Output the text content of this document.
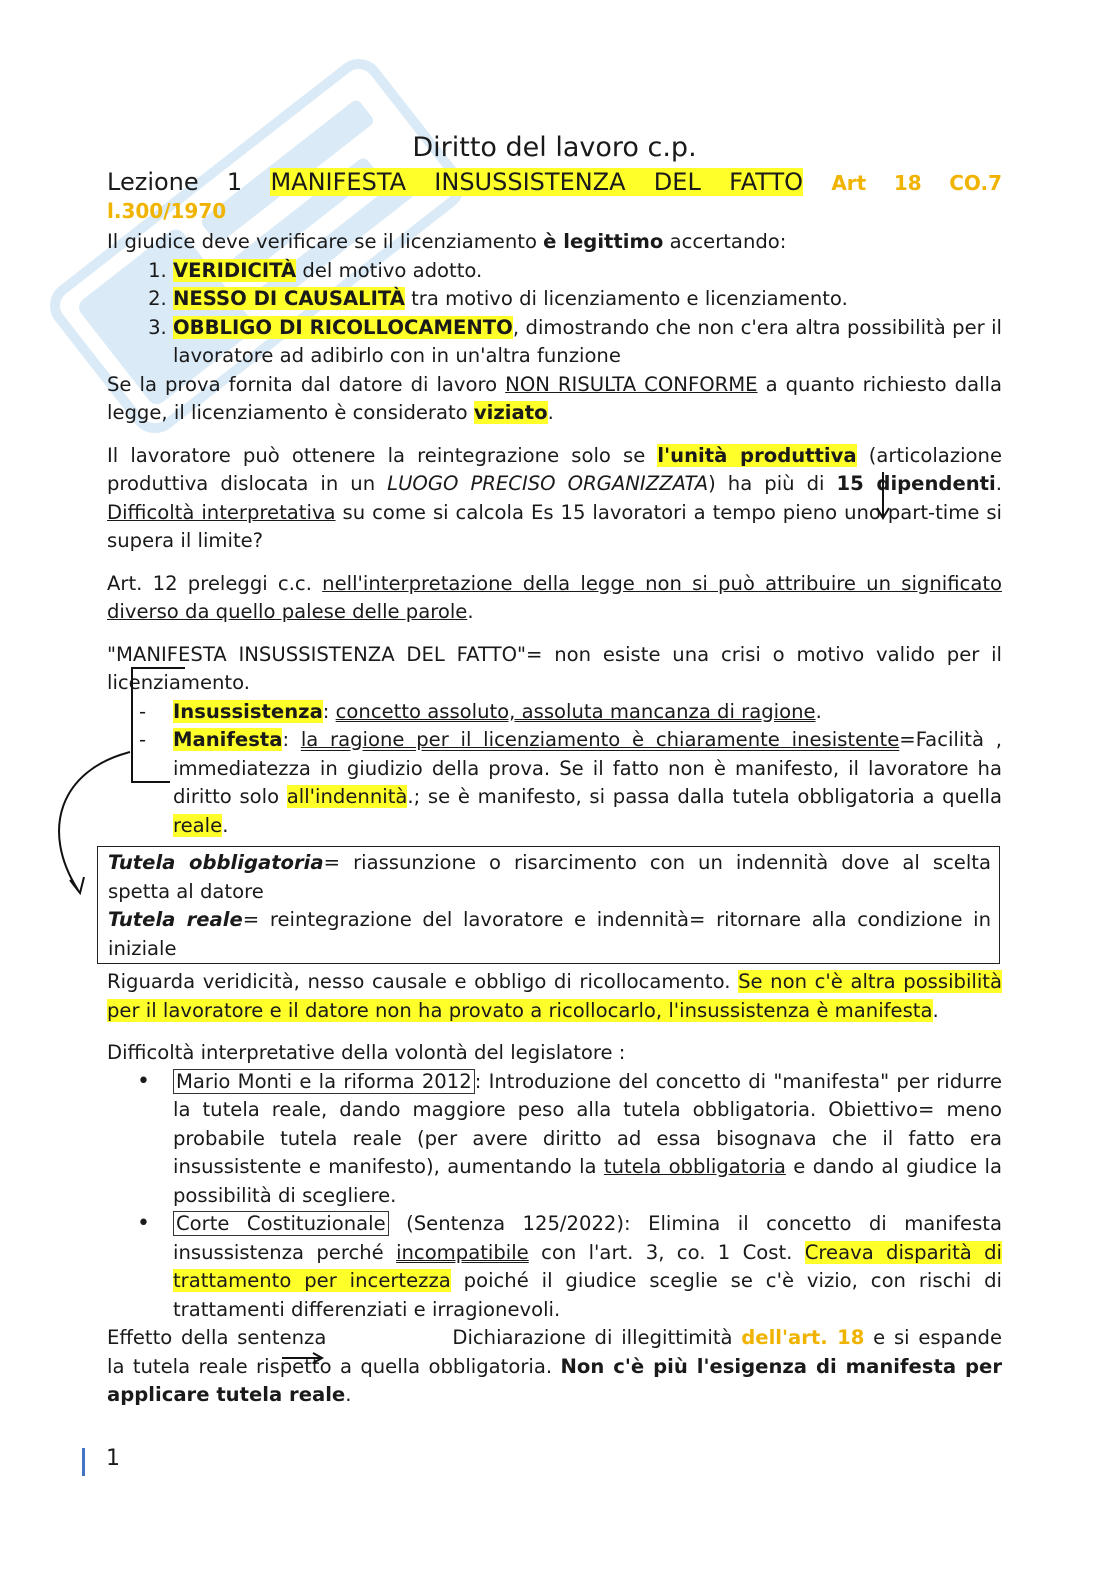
Diritto del lavoro c.p.

Lezione 1 MANIFESTA INSUSSISTENZA DEL FATTO Art 18 CO.7

l.300/1970

Il giudice deve verificare se il licenziamento è legittimo accertando:

1. VERIDICITÀ del motivo adotto.
2. NESSO DI CAUSALITÀ tra motivo di licenziamento e licenziamento.
3. OBBLIGO DI RICOLLOCAMENTO, dimostrando che non c'era altra possibilità per il lavoratore ad adibirlo con in un'altra funzione

Se la prova fornita dal datore di lavoro NON RISULTA CONFORME a quanto richiesto dalla legge, il licenziamento è considerato viziato.

Il lavoratore può ottenere la reintegrazione solo se l'unità produttiva (articolazione produttiva dislocata in un LUOGO PRECISO ORGANIZZATA) ha più di 15 dipendenti. Difficoltà interpretativa su come si calcola Es 15 lavoratori a tempo pieno uno part-time si supera il limite?

Art. 12 preleggi c.c. nell'interpretazione della legge non si può attribuire un significato diverso da quello palese delle parole.

"MANIFESTA INSUSSISTENZA DEL FATTO"= non esiste una crisi o motivo valido per il licenziamento.

- Insussistenza: concetto assoluto, assoluta mancanza di ragione.
- Manifesta: la ragione per il licenziamento è chiaramente inesistente=Facilità , immediatezza in giudizio della prova. Se il fatto non è manifesto, il lavoratore ha diritto solo all'indennità.; se è manifesto, si passa dalla tutela obbligatoria a quella reale.

Tutela obbligatoria= riassunzione o risarcimento con un indennità dove al scelta spetta al datore

Tutela reale= reintegrazione del lavoratore e indennità= ritornare alla condizione in iniziale

Riguarda veridicità, nesso causale e obbligo di ricollocamento. Se non c'è altra possibilità per il lavoratore e il datore non ha provato a ricollocarlo, l'insussistenza è manifesta.

Difficoltà interpretative della volontà del legislatore :

• Mario Monti e la riforma 2012 : Introduzione del concetto di "manifesta" per ridurre la tutela reale, dando maggiore peso alla tutela obbligatoria. Obiettivo= meno probabile tutela reale (per avere diritto ad essa bisognava che il fatto era insussistente e manifesto), aumentando la tutela obbligatoria e dando al giudice la possibilità di scegliere.
• Corte Costituzionale (Sentenza 125/2022): Elimina il concetto di manifesta insussistenza perché incompatibile con l'art. 3, co. 1 Cost. Creava disparità di trattamento per incertezza poiché il giudice sceglie se c'è vizio, con rischi di trattamenti differenziati e irragionevoli.

Effetto della sentenza	Dichiarazione di illegittimità dell'art. 18 e si espande la tutela reale rispetto a quella obbligatoria. Non c'è più l'esigenza di manifesta per applicare tutela reale.

1
